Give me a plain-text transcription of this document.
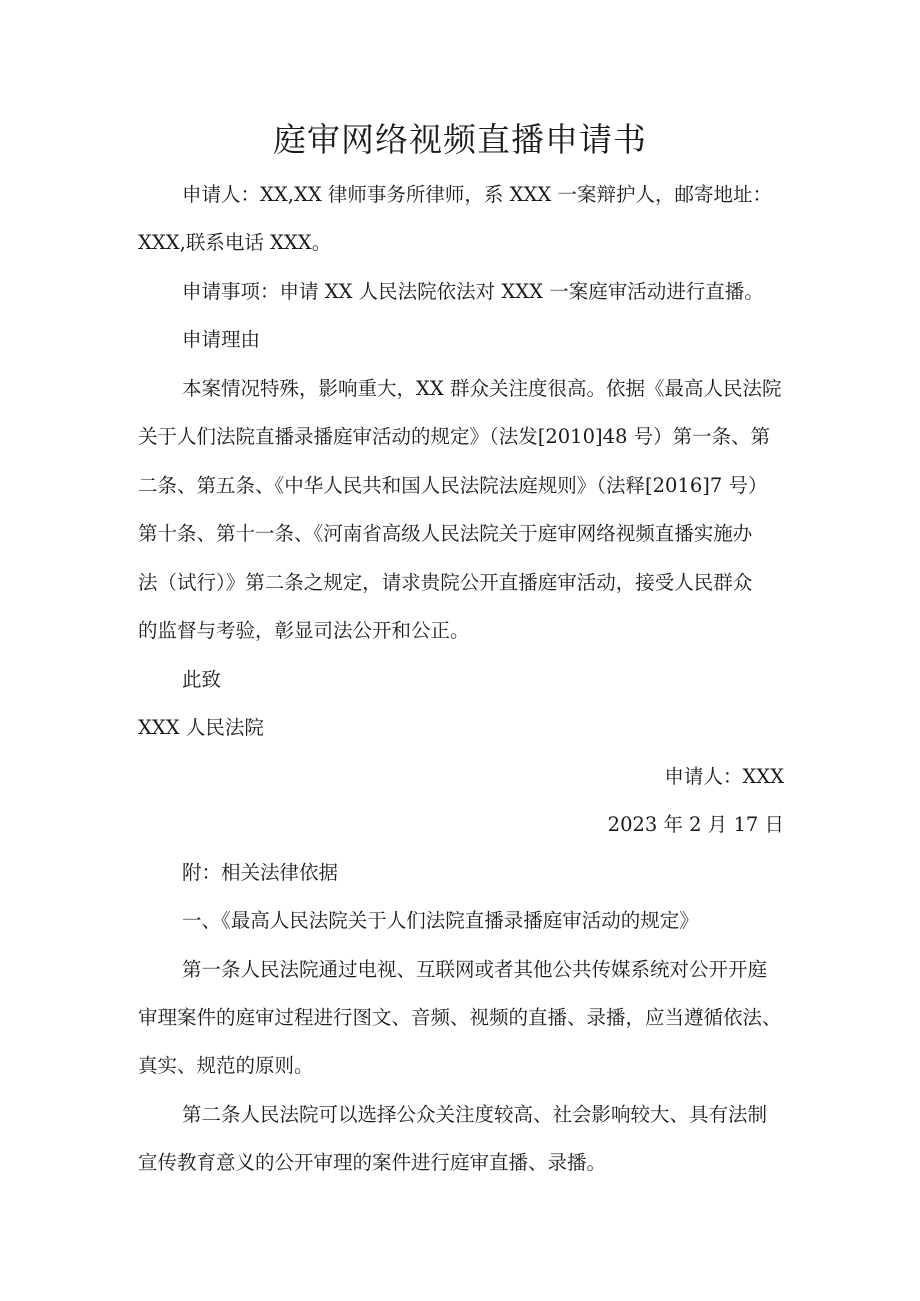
庭审网络视频直播申请书

申请人：XX,XX 律师事务所律师，系 XXX 一案辩护人，邮寄地址：

XXX,联系电话 XXX。

申请事项：申请 XX 人民法院依法对 XXX 一案庭审活动进行直播。

申请理由

本案情况特殊，影响重大，XX 群众关注度很高。依据《最高人民法院

关于人们法院直播录播庭审活动的规定》（法发[2010]48 号）第一条、第

二条、第五条、《中华人民共和国人民法院法庭规则》（法释[2016]7 号）

第十条、第十一条、《河南省高级人民法院关于庭审网络视频直播实施办

法（试行）》第二条之规定，请求贵院公开直播庭审活动，接受人民群众

的监督与考验，彰显司法公开和公正。

此致

XXX 人民法院

申请人：XXX

2023 年 2 月 17 日

附：相关法律依据

一、《最高人民法院关于人们法院直播录播庭审活动的规定》

第一条人民法院通过电视、互联网或者其他公共传媒系统对公开开庭

审理案件的庭审过程进行图文、音频、视频的直播、录播，应当遵循依法、

真实、规范的原则。

第二条人民法院可以选择公众关注度较高、社会影响较大、具有法制

宣传教育意义的公开审理的案件进行庭审直播、录播。
